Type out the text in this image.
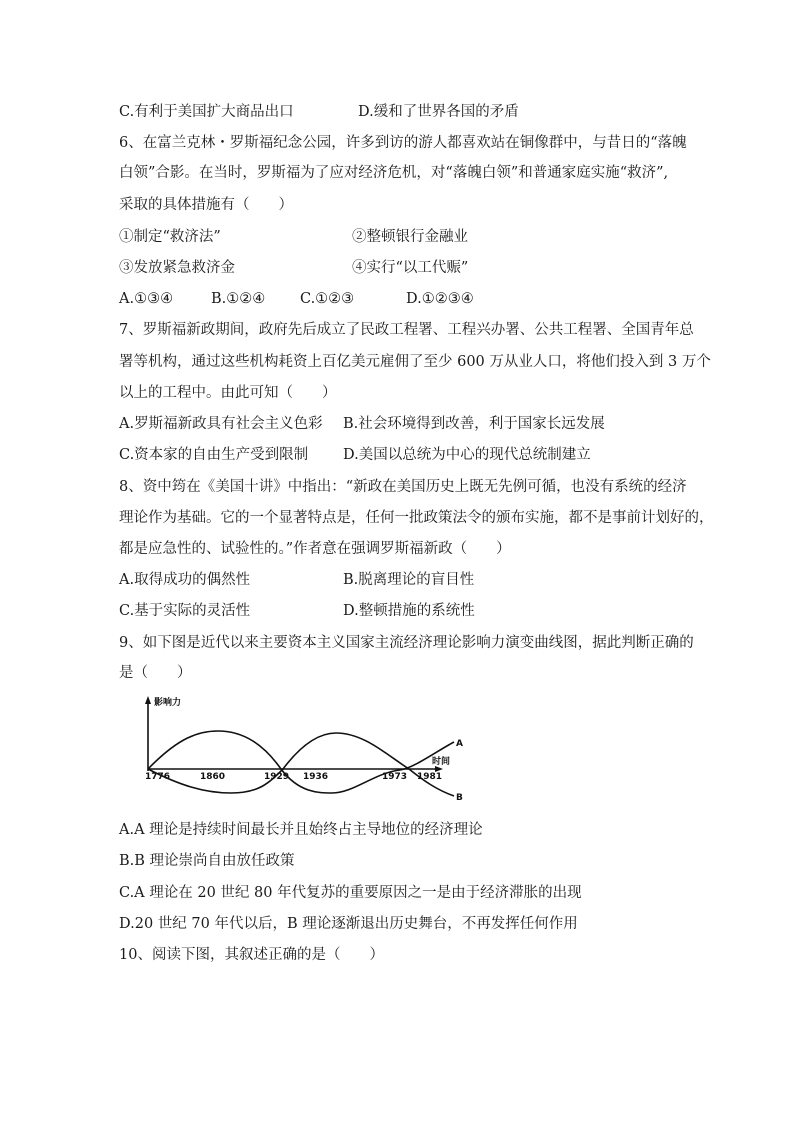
C.有利于美国扩大商品出口	D.缓和了世界各国的矛盾
6、在富兰克林・罗斯福纪念公园，许多到访的游人都喜欢站在铜像群中，与昔日的“落魄
白领”合影。在当时，罗斯福为了应对经济危机，对“落魄白领”和普通家庭实施“救济”,
采取的具体措施有（　　）
①制定“救济法”	②整顿银行金融业
③发放紧急救济金	④实行“以工代赈”
A.①③④	B.①②④ C.①②③	D.①②③④
7、罗斯福新政期间，政府先后成立了民政工程署、工程兴办署、公共工程署、全国青年总
署等机构，通过这些机构耗资上百亿美元雇佣了至少 600 万从业人口，将他们投入到 3 万个
以上的工程中。由此可知（　　）
A.罗斯福新政具有社会主义色彩 B.社会环境得到改善，利于国家长远发展
C.资本家的自由生产受到限制 D.美国以总统为中心的现代总统制建立
8、资中筠在《美国十讲》中指出：“新政在美国历史上既无先例可循，也没有系统的经济
理论作为基础。它的一个显著特点是，任何一批政策法令的颁布实施，都不是事前计划好的，
都是应急性的、试验性的。”作者意在强调罗斯福新政（　　）
A.取得成功的偶然性	B.脱离理论的盲目性
C.基于实际的灵活性	D.整顿措施的系统性
9、如下图是近代以来主要资本主义国家主流经济理论影响力演变曲线图，据此判断正确的
是（　　）
影响力
时间
A
B
1776	1860	1929 1936	1973 1981
A.A 理论是持续时间最长并且始终占主导地位的经济理论
B.B 理论崇尚自由放任政策
C.A 理论在 20 世纪 80 年代复苏的重要原因之一是由于经济滞胀的出现
D.20 世纪 70 年代以后，B 理论逐渐退出历史舞台，不再发挥任何作用
10、阅读下图，其叙述正确的是（　　）
